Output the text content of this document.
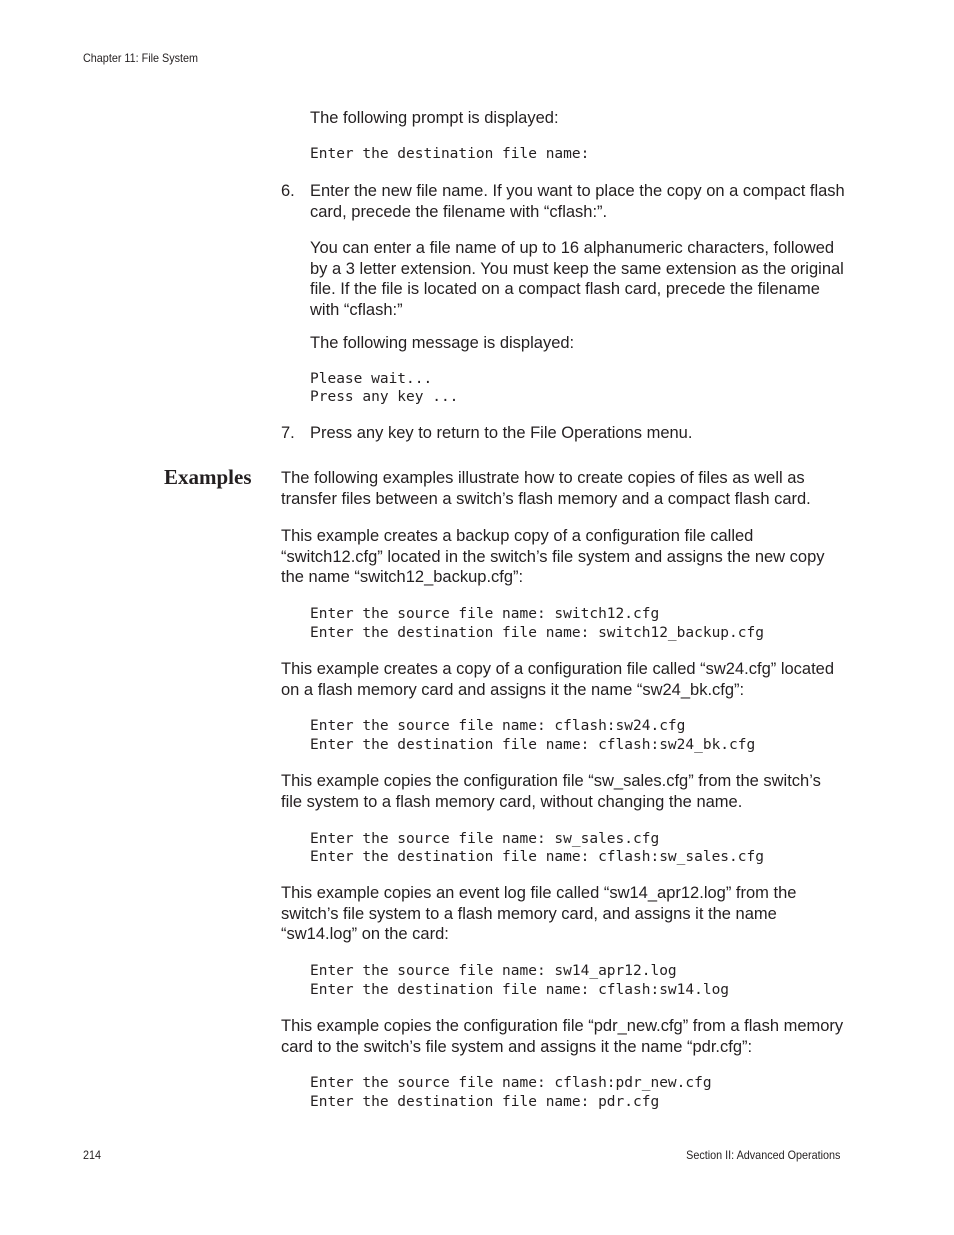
Chapter 11: File System

The following prompt is displayed:

Enter the destination file name:
6. Enter the new file name. If you want to place the copy on a compact flash card, precede the filename with “cflash:”.

You can enter a file name of up to 16 alphanumeric characters, followed by a 3 letter extension. You must keep the same extension as the original file. If the file is located on a compact flash card, precede the filename with “cflash:”

The following message is displayed:

Please wait...
Press any key ...
7. Press any key to return to the File Operations menu.

Examples The following examples illustrate how to create copies of files as well as transfer files between a switch’s flash memory and a compact flash card.

This example creates a backup copy of a configuration file called “switch12.cfg” located in the switch’s file system and assigns the new copy the name “switch12_backup.cfg”:

Enter the source file name: switch12.cfg
Enter the destination file name: switch12_backup.cfg

This example creates a copy of a configuration file called “sw24.cfg” located on a flash memory card and assigns it the name “sw24_bk.cfg”:

Enter the source file name: cflash:sw24.cfg
Enter the destination file name: cflash:sw24_bk.cfg

This example copies the configuration file “sw_sales.cfg” from the switch’s file system to a flash memory card, without changing the name.

Enter the source file name: sw_sales.cfg
Enter the destination file name: cflash:sw_sales.cfg

This example copies an event log file called “sw14_apr12.log” from the switch’s file system to a flash memory card, and assigns it the name “sw14.log” on the card:

Enter the source file name: sw14_apr12.log
Enter the destination file name: cflash:sw14.log

This example copies the configuration file “pdr_new.cfg” from a flash memory card to the switch’s file system and assigns it the name “pdr.cfg”:

Enter the source file name: cflash:pdr_new.cfg
Enter the destination file name: pdr.cfg
214	Section II: Advanced Operations
